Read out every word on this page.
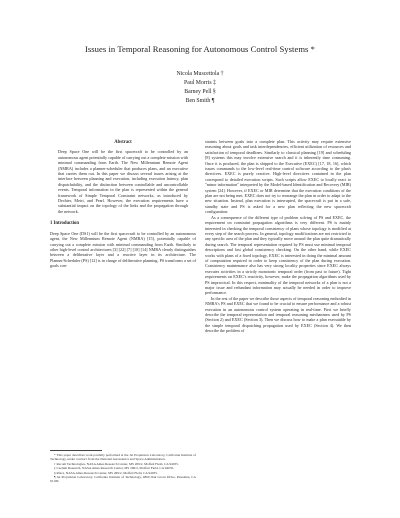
Issues in Temporal Reasoning for Autonomous Control Systems *
Nicola Muscettola †
Paul Morris ‡
Barney Pell §
Ben Smith ¶
Abstract

Deep Space One will be the first spacecraft to be controlled by an autonomous agent potentially capable of carrying out a complete mission with minimal commanding from Earth. The New Millennium Remote Agent (NMRA) includes a planner-scheduler that produces plans, and an executive that carries them out. In this paper we discuss several issues arising at the interface between planning and execution, including execution latency, plan dispatchability, and the distinction between controllable and uncontrollable events. Temporal information in the plan is represented within the general framework of Simple Temporal Constraint networks, as introduced by Dechter, Meiri, and Pearl. However, the execution requirements have a substantial impact on the topology of the links and the propagation through the network.

1 Introduction

Deep Space One (DS1) will be the first spacecraft to be controlled by an autonomous agent, the New Millennium Remote Agent (NMRA) [15], potentially capable of carrying out a complete mission with minimal commanding from Earth. Similarly to other high-level control architectures [3] [22] [7] [10] [14] NMRA clearly distinguishes between a deliberative layer and a reactive layer in its architecture. The Planner/Scheduler (PS) [12] is in charge of deliberative planning. PS transforms a set of goals con-

* This paper describes work partially performed at the Jet Propulsion Laboratory, California Institute of Technology, under contract from the National Aeronautics and Space Administration.

† Recom Technologies, NASA Ames Research Center, MS 269/2, Moffett Field, CA 94035.

‡ Caelum Research, NASA Ames Research Center, MS 269/2, Moffett Field, CA 94035.

§ Riacs, NASA Ames Research Center, MS 269/2, Moffett Field, CA 94035.

¶ Jet Propulsion Laboratory, California Institute of Technology, 4800 Oak Grove Drive, Pasadena, CA 91109.

straints between goals into a complete plan. This activity may require extensive reasoning about goals and task interdependencies, efficient utilization of resources and satisfaction of temporal deadlines. Similarly to classical planning [19] and scheduling [8] systems this may involve extensive search and it is inherently time consuming. Once it is produced, the plan is shipped to the Executive (EXEC) [17, 18, 16], which issues commands to the low-level real-time control software according to the plan's directives. EXEC is purely reactive. High-level directives contained in the plan correspond to detailed execution scripts. Such scripts allow EXEC to locally react to "minor information" interpreted by the Model-based Identification and Recovery (MIR) system [24]. However, if EXEC or MIR determine that the execution conditions of the plan are not being met, EXEC does not try to rearrange the plan in order to adapt to the new situation. Instead, plan execution is interrupted, the spacecraft is put in a safe, standby state and PS is asked for a new plan reflecting the new spacecraft configuration.

As a consequence of the different type of problem solving of PS and EXEC, the requirement on constraint propagation algorithms is very different. PS is mainly interested in checking the temporal consistency of plans whose topology is modified at every step of the search process. In general, topology modifications are not restricted to any specific area of the plan and they typically move around the plan quite dramatically during search. The temporal representation required by PS must use minimal temporal descriptions and fast global consistency checking. On the other hand, while EXEC works with plans of a fixed topology, EXEC is interested in doing the minimal amount of computation required in order to keep consistency of the plan during execution. Consistency maintenance also has very strong locality properties since EXEC always executes activities in a strictly monotonic temporal order (from past to future). Tight requirements on EXEC's reactivity, however, make the propagation algorithms used by PS impractical. In this respect, minimality of the temporal networks of a plan is not a major issue and redundant information may actually be needed in order to improve performance.

In the rest of the paper we describe those aspects of temporal reasoning embodied in NMRA's PS and EXEC that we found to be crucial to ensure performance and a robust execution in an autonomous control system operating in real-time. First we briefly describe the temporal representation and temporal reasoning mechanisms used by PS (Section 2) and EXEC (Section 3). Then we discuss how to make a plan executable by the simple temporal dispatching propagation used by EXEC (Section 4). We then describe the problem of
